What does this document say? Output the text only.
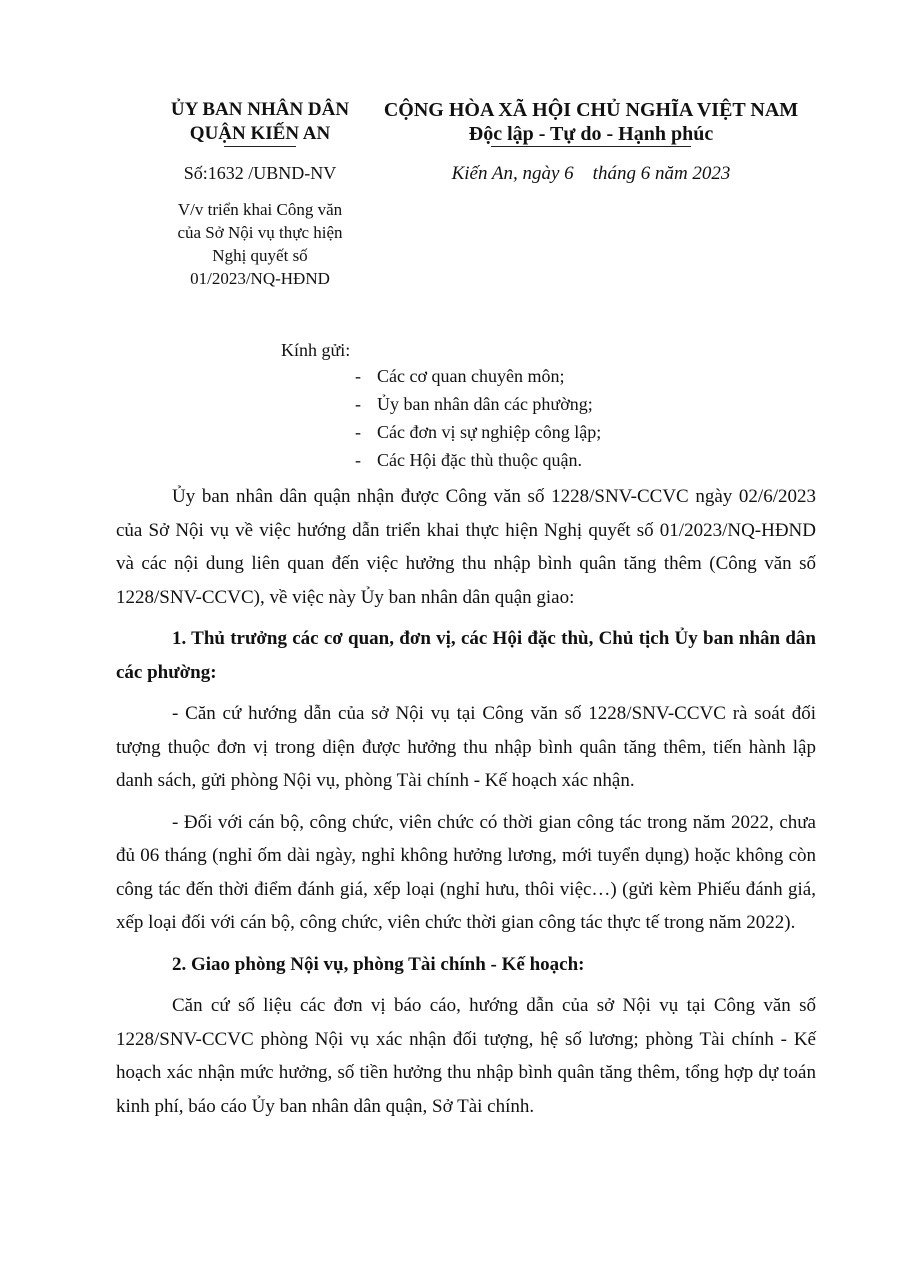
ỦY BAN NHÂN DÂN
QUẬN KIẾN AN
CỘNG HÒA XÃ HỘI CHỦ NGHĨA VIỆT NAM
Độc lập - Tự do - Hạnh phúc
Số:1632 /UBND-NV	Kiến An, ngày 6    tháng 6 năm 2023
V/v triển khai Công văn
của Sở Nội vụ thực hiện
Nghị quyết số
01/2023/NQ-HĐND
Kính gửi:
- Các cơ quan chuyên môn;
- Ủy ban nhân dân các phường;
- Các đơn vị sự nghiệp công lập;
- Các Hội đặc thù thuộc quận.

Ủy ban nhân dân quận nhận được Công văn số 1228/SNV-CCVC ngày 02/6/2023 của Sở Nội vụ về việc hướng dẫn triển khai thực hiện Nghị quyết số 01/2023/NQ-HĐND và các nội dung liên quan đến việc hưởng thu nhập bình quân tăng thêm (Công văn số 1228/SNV-CCVC), về việc này Ủy ban nhân dân quận giao:

1. Thủ trưởng các cơ quan, đơn vị, các Hội đặc thù, Chủ tịch Ủy ban nhân dân các phường:

- Căn cứ hướng dẫn của sở Nội vụ tại Công văn số 1228/SNV-CCVC rà soát đối tượng thuộc đơn vị trong diện được hưởng thu nhập bình quân tăng thêm, tiến hành lập danh sách, gửi phòng Nội vụ, phòng Tài chính - Kế hoạch xác nhận.

- Đối với cán bộ, công chức, viên chức có thời gian công tác trong năm 2022, chưa đủ 06 tháng (nghỉ ốm dài ngày, nghỉ không hưởng lương, mới tuyển dụng) hoặc không còn công tác đến thời điểm đánh giá, xếp loại (nghỉ hưu, thôi việc…) (gửi kèm Phiếu đánh giá, xếp loại đối với cán bộ, công chức, viên chức thời gian công tác thực tế trong năm 2022).

2. Giao phòng Nội vụ, phòng Tài chính - Kế hoạch:

Căn cứ số liệu các đơn vị báo cáo, hướng dẫn của sở Nội vụ tại Công văn số 1228/SNV-CCVC phòng Nội vụ xác nhận đối tượng, hệ số lương; phòng Tài chính - Kế hoạch xác nhận mức hưởng, số tiền hưởng thu nhập bình quân tăng thêm, tổng hợp dự toán kinh phí, báo cáo Ủy ban nhân dân quận, Sở Tài chính.
